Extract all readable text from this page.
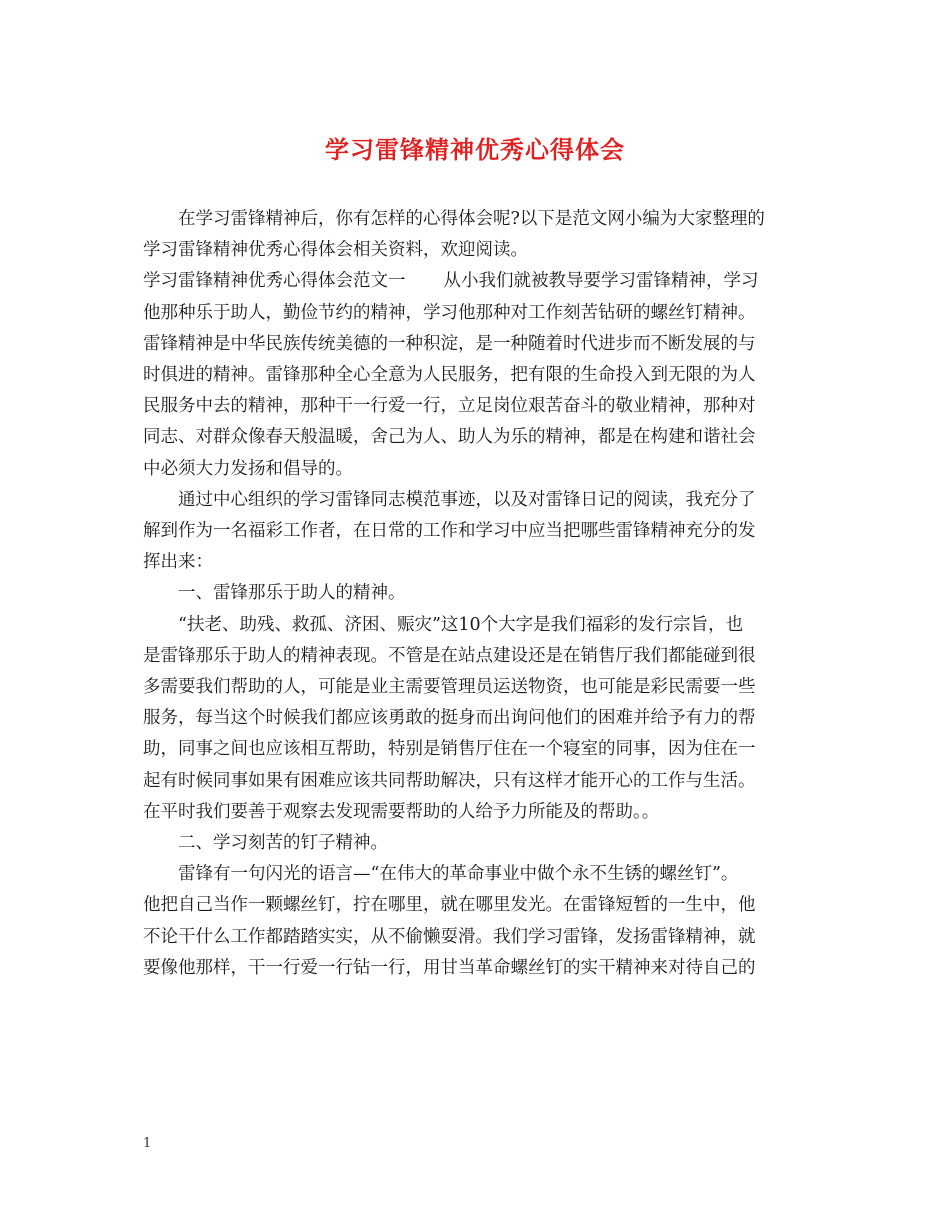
学习雷锋精神优秀心得体会

在学习雷锋精神后，你有怎样的心得体会呢?以下是范文网小编为大家整理的
学习雷锋精神优秀心得体会相关资料，欢迎阅读。

学习雷锋精神优秀心得体会范文一 从小我们就被教导要学习雷锋精神，学习
他那种乐于助人，勤俭节约的精神，学习他那种对工作刻苦钻研的螺丝钉精神。
雷锋精神是中华民族传统美德的一种积淀，是一种随着时代进步而不断发展的与
时俱进的精神。雷锋那种全心全意为人民服务，把有限的生命投入到无限的为人
民服务中去的精神，那种干一行爱一行，立足岗位艰苦奋斗的敬业精神，那种对
同志、对群众像春天般温暖，舍己为人、助人为乐的精神，都是在构建和谐社会
中必须大力发扬和倡导的。

通过中心组织的学习雷锋同志模范事迹，以及对雷锋日记的阅读，我充分了
解到作为一名福彩工作者，在日常的工作和学习中应当把哪些雷锋精神充分的发
挥出来：

一、雷锋那乐于助人的精神。

“扶老、助残、救孤、济困、赈灾”这10个大字是我们福彩的发行宗旨，也
是雷锋那乐于助人的精神表现。不管是在站点建设还是在销售厅我们都能碰到很
多需要我们帮助的人，可能是业主需要管理员运送物资，也可能是彩民需要一些
服务，每当这个时候我们都应该勇敢的挺身而出询问他们的困难并给予有力的帮
助，同事之间也应该相互帮助，特别是销售厅住在一个寝室的同事，因为住在一
起有时候同事如果有困难应该共同帮助解决，只有这样才能开心的工作与生活。
在平时我们要善于观察去发现需要帮助的人给予力所能及的帮助。。

二、学习刻苦的钉子精神。

雷锋有一句闪光的语言—“在伟大的革命事业中做个永不生锈的螺丝钉”。
他把自己当作一颗螺丝钉，拧在哪里，就在哪里发光。在雷锋短暂的一生中，他
不论干什么工作都踏踏实实，从不偷懒耍滑。我们学习雷锋，发扬雷锋精神，就
要像他那样，干一行爱一行钻一行，用甘当革命螺丝钉的实干精神来对待自己的

1
